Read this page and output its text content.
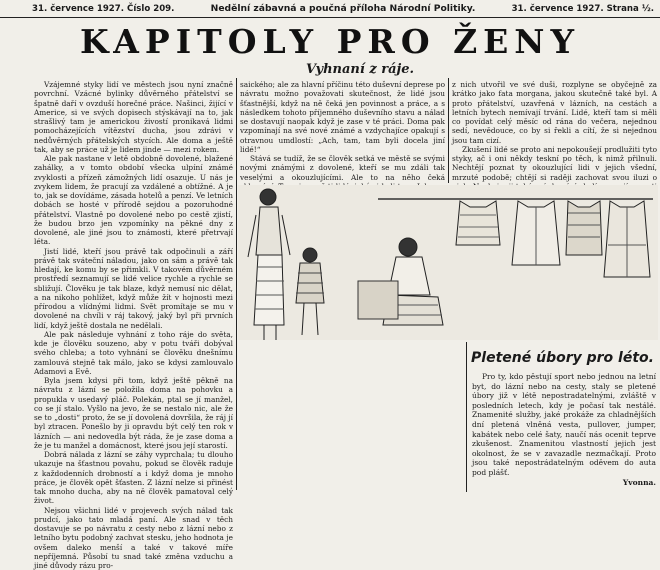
31. července 1927. Číslo 209.	Nedělní zábavná a poučná příloha Národní Politiky.	31. července 1927. Strana ½.
KAPITOLY PRO ŽENY
Vyhnaní z ráje.

Vzájemné styky lidí ve městech jsou nyní značně povrchní. Vzácné bylinky důvěrného přátelství se špatně daří v ovzduší horečné práce. Našinci, žijící v Americe, si ve svých dopisech stýskávají na to, jak strašlivý tam je americkou živostí pronikavá lidmi pomocházejících vítězství ducha, jsou zdrávi v nedůvěrných přátelských stycích. Ale doma a ještě tak, aby se práce už je lidem jinde — mezi rokem.

Ale pak nastane v letě obdobně dovolené, blažené zahálky, a v tomto období všecka ulpíní známé zvyklosti a přízeň zámožných lidí osazuje. U nás je zvykem lidem, že pracují za vzdálené a obtížné. A je to, jak se dovídáme, zásada hotelů a penzí. Ve letních dobách se hosté v přírodě sejdou a pozoruhodné přátelství. Vlastně po dovolené nebo po cestě zjistí, že budou brzo jen vzpomínky na pěkné dny z dovolené, ale jiné jsou to známosti, které přetrvají léta.

Jistí lidé, kteří jsou právě tak odpočinuli a září právě tak sváteční náladou, jako on sám a právě tak hledají, ke komu by se přimkli. V takovém důvěrném prostředí seznamují se lidé velice rychle a rychle se sbližují. Člověku je tak blaze, když nemusí nic dělat, a na nikoho pohlížet, když může žít v hojnosti mezi přírodou a vlídnými lidmi. Svět promítaje se mu v dovolené na chvíli v ráj takový, jaký byl při prvních lidí, když ještě dostala ne nedělali.

Ale pak následuje vyhnání z toho ráje do světa, kde je člověku souzeno, aby v potu tváři dobýval svého chleba; a toto vyhnání se člověku dnešnímu zamlouvá stejně tak málo, jako se kdysi zamlouvalo Adamovi a Evě.

Byla jsem kdysi při tom, když ještě pěkně na návratu z lázní se položila doma na pohovku a propukla v usedavý pláč. Polekán, ptal se jí manžel, co se jí stalo. Vyšlo na jevo, že se nestalo nic, ale že se to „dosti“ proto, že se jí dovolená dovršila, že ráj jí byl ztracen. Ponešlo by ji opravdu být celý ten rok v lázních — ani nedovedla být ráda, že je zase doma a že je tu manžel a domácnost, které jsou její starostí.

Dobrá nálada z lázní se záhy vyprchala; tu dlouho ukazuje na šťastnou povahu, pokud se člověk raduje z každodenních drobností a i když doma je mnoho práce, je člověk opět šťasten. Z lázní nelze si přinést tak mnoho ducha, aby na ně člověk pamatoval celý život.

Nejsou všichni lidé v projevech svých nálad tak prudcí, jako tato mladá paní. Ale snad v těch dostavuje se po návratu z cesty nebo z lázní nebo z letního bytu podobný zachvat stesku, jeho hodnota je ovšem daleko menší a také v takové míře nepříjemná. Působí tu snad také změna vzduchu a jiné důvody rázu pro-

saického; ale za hlavní příčinu této duševní deprese po návratu možno považovati skutečnost, že lidé jsou šťastnější, když na ně čeká jen povinnost a práce, a s následkem tohoto příjemného duševního stavu a nálad se dostavují naopak když je zase v té práci. Doma pak vzpomínají na své nové známé a vzdychajíce opakují s otravnou umdlostí: „Ach, tam, tam byli docela jiní lidé!“

Stává se tudíž, že se člověk setká ve městě se svými novými známými z dovolené, kteří se mu zdáli tak veselými a okouzlujícími. Ale to na něho čeká

z nich utvořil ve své duši, rozplyne se obyčejně za krátko jako fata morgana, jakou skutečně také byl. A proto přátelství, uzavřená v lázních, na cestách a letních bytech nemívají trvání. Lidé, kteří tam si měli co povídat celý měsíc od rána do večera, nejednou sedí, nevědouce, co by si řekli a cítí, že si nejednou jsou tam cizí.

Zkušení lidé se proto ani nepokoušejí prodlužiti tyto styky, ač i oni někdy teskní po těch, k nimž přilnuli. Nechtějí poznat ty okouzlující lidi v jejich všední, mrzuté podobě; chtějí si raději zachovat svou iluzi o

Pletené úbory pro léto.

Pro ty, kdo pěstují sport nebo jednou na letní byt, do lázní nebo na cesty, staly se pletené úbory již v létě nepostradatelnými, zvláště v posledních letech, kdy je počasí tak nestálé. Znamenité služby, jaké prokáže za chladnějších dní pletená vlněná vesta, pullover, jumper, kabátek nebo celé šaty, naučí nás ocenit teprve zkušenost. Znamenitou vlastností jejich jest okolnost, že se v zavazadle nezmačkají. Proto jsou také nepostrádatelným oděvem do auta pod plášť.

Yvonna.
